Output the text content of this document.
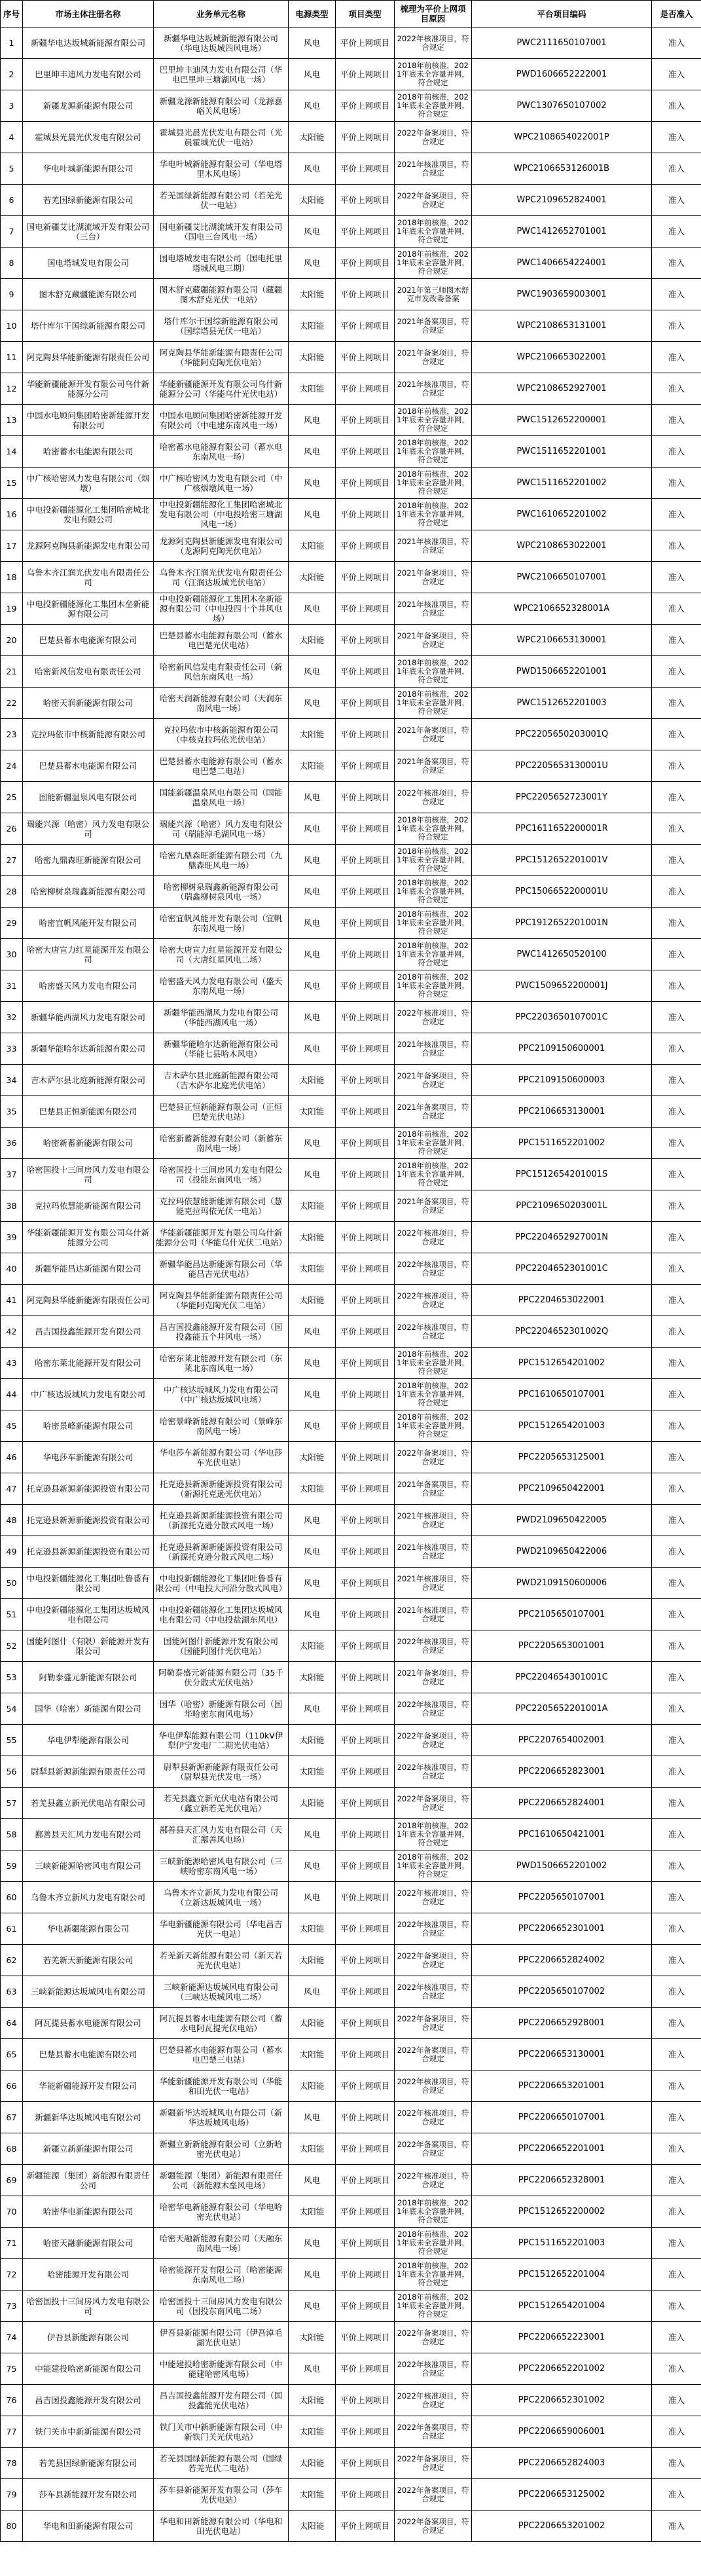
序号	市场主体注册名称	业务单元名称	电源类型	项目类型	梳理为平价上网项目原因	平台项目编码	是否准入
1	新疆华电达坂城新能源有限公司	新疆华电达坂城新能源有限公司（华电达坂城四风电场）	风电	平价上网项目	2022年核准项目，符合规定	PWC2111650107001	准入
2	巴里坤丰迪风力发电有限公司	巴里坤丰迪风力发电有限公司（华电巴里坤三塘湖风电一场）	风电	平价上网项目	2018年前核准，2021年底未全容量并网，符合规定	PWD1606652222001	准入
3	新疆龙源新能源有限公司	新疆龙源新能源有限公司（龙源嘉峪关风电场）	风电	平价上网项目	2018年前核准，2021年底未全容量并网，符合规定	PWC1307650107002	准入
4	霍城县光晨光伏发电有限公司	霍城县光晨光伏发电有限公司（光晨霍城光伏一电站）	太阳能	平价上网项目	2022年备案项目，符合规定	WPC2108654022001P	准入
5	华电叶城新能源有限公司	华电叶城新能源有限公司（华电塔里木风电场）	风电	平价上网项目	2021年核准项目，符合规定	WPC2106653126001B	准入
6	若羌国绿新能源有限公司	若羌国绿新能源有限公司（若羌光伏一电站）	太阳能	平价上网项目	2022年备案项目，符合规定	WPC2109652824001	准入
7	国电新疆艾比湖流域开发有限公司（三台）	国电新疆艾比湖流域开发有限公司（国电三台风电一场）	风电	平价上网项目	2018年前核准，2021年底未全容量并网，符合规定	PWC1412652701001	准入
8	国电塔城发电有限公司	国电塔城发电有限公司（国电托里塔城风电三期）	风电	平价上网项目	2018年前核准，2021年底未全容量并网，符合规定	PWC1406654224001	准入
9	图木舒克藏疆能源有限公司	图木舒克藏疆能源有限公司（藏疆图木舒克光伏一电站）	太阳能	平价上网项目	2021年第三师图木舒克市发改委备案	PWC1903659003001	准入
10	塔什库尔干国综新能源有限公司	塔什库尔干国综新能源有限公司（国综塔县光伏一电站）	太阳能	平价上网项目	2021年备案项目，符合规定	WPC2108653131001	准入
11	阿克陶县华能新能源有限责任公司	阿克陶县华能新能源有限责任公司（华能阿克陶光伏电站）	太阳能	平价上网项目	2021年备案项目，符合规定	WPC2106653022001	准入
12	华能新疆能源开发有限公司乌什新能源分公司	华能新疆能源开发有限公司乌什新能源分公司（华能乌什光伏电站）	太阳能	平价上网项目	2021年核准项目，符合规定	WPC2108652927001	准入
13	中国水电顾问集团哈密新能源开发有限公司	中国水电顾问集团哈密新能源开发有限公司（中电建东南风电一场）	风电	平价上网项目	2018年前核准，2021年底未全容量并网，符合规定	PWC1512652200001	准入
14	哈密蓄水电能源有限公司	哈密蓄水电能源有限公司（蓄水电东南风电一场）	风电	平价上网项目	2018年前核准，2021年底未全容量并网，符合规定	PWC1511652201001	准入
15	中广核哈密风力发电有限公司（烟墩）	中广核哈密风力发电有限公司（中广核烟墩风电一场）	风电	平价上网项目	2018年前核准，2021年底未全容量并网，符合规定	PWC1511652201002	准入
16	中电投新疆能源化工集团哈密城北发电有限公司	中电投新疆能源化工集团哈密城北发电有限公司（中电投哈密三塘湖风电一场）	风电	平价上网项目	2018年前核准，2021年底未全容量并网，符合规定	PWC1610652201002	准入
17	龙源阿克陶县新能源发电有限公司	龙源阿克陶县新能源发电有限公司（龙源阿克陶光伏电站）	太阳能	平价上网项目	2021年核准项目，符合规定	WPC2108653022001	准入
18	乌鲁木齐江润光伏发电有限责任公司	乌鲁木齐江润光伏发电有限责任公司（江润达坂城光伏电站）	太阳能	平价上网项目	2021年备案项目，符合规定	PWC2106650107001	准入
19	中电投新疆能源化工集团木垒新能源有限公司	中电投新疆能源化工集团木垒新能源有限公司（中电投四十个井风电场）	风电	平价上网项目	2021年核准项目，符合规定	WPC2106652328001A	准入
20	巴楚县蓄水电能源有限公司	巴楚县蓄水电能源有限公司（蓄水电巴楚光伏电站）	太阳能	平价上网项目	2021年备案项目，符合规定	WPC2106653130001	准入
21	哈密新风信发电有限责任公司	哈密新风信发电有限责任公司（新风信东南风电一场）	风电	平价上网项目	2018年前核准，2021年底未全容量并网，符合规定	PWD1506652201001	准入
22	哈密天润新能源有限公司	哈密天润新能源有限公司（天润东南风电一场）	风电	平价上网项目	2018年前核准，2021年底未全容量并网，符合规定	PWC1512652201003	准入
23	克拉玛依市中核新能源有限公司	克拉玛依市中核新能源有限公司（中核克拉玛依光伏电站）	太阳能	平价上网项目	2021年备案项目，符合规定	PPC2205650203001Q	准入
24	巴楚县蓄水电能源有限公司	巴楚县蓄水电能源有限公司（蓄水电巴楚二电站）	太阳能	平价上网项目	2021年备案项目，符合规定	PPC2205653130001U	准入
25	国能新疆温泉风电有限公司	国能新疆温泉风电有限公司（国能温泉风电一场）	风电	平价上网项目	2022年核准项目，符合规定	PPC2205652723001Y	准入
26	瑞能兴源（哈密）风力发电有限公司	瑞能兴源（哈密）风力发电有限公司（瑞能淖毛湖风电一场）	风电	平价上网项目	2018年前核准，2021年底未全容量并网，符合规定	PPC1611652200001R	准入
27	哈密九鼎森旺新能源有限公司	哈密九鼎森旺新能源有限公司（九鼎森旺风电一场）	风电	平价上网项目	2018年前核准，2021年底未全容量并网，符合规定	PPC1512652201001V	准入
28	哈密柳树泉瑞鑫新能源有限公司	哈密柳树泉瑞鑫新能源有限公司（瑞鑫柳树泉风电一场）	风电	平价上网项目	2018年前核准，2021年底未全容量并网，符合规定	PPC1506652200001U	准入
29	哈密宜帆风能开发有限公司	哈密宜帆风能开发有限公司（宜帆东南风电一场）	风电	平价上网项目	2018年前核准，2021年底未全容量并网，符合规定	PPC1912652201001N	准入
30	哈密大唐宣力红星能源开发有限公司	哈密大唐宣力红星能源开发有限公司（大唐红星风电二场）	风电	平价上网项目	2018年前核准，2021年底未全容量并网，符合规定	PWC1412650520100	准入
31	哈密盛天风力发电有限公司	哈密盛天风力发电有限公司（盛天东南风电一场）	风电	平价上网项目	2018年前核准，2021年底未全容量并网，符合规定	PWC1509652200001J	准入
32	新疆华能西湖风力发电有限公司	新疆华能西湖风力发电有限公司（华能西湖风电一场）	风电	平价上网项目	2022年核准项目，符合规定	PPC2203650107001C	准入
33	新疆华能哈尔达新能源有限公司	新疆华能哈尔达新能源有限公司（华能七县哈木风电）	风电	平价上网项目	2021年核准项目，符合规定	PPC2109150600001	准入
34	吉木萨尔县北庭新能源有限公司	吉木萨尔县北庭新能源有限公司（吉木萨尔北庭光伏电站）	太阳能	平价上网项目	2021年备案项目，符合规定	PPC2109150600003	准入
35	巴楚县正恒新能源有限公司	巴楚县正恒新能源有限公司（正恒巴楚光伏电站）	太阳能	平价上网项目	2021年备案项目，符合规定	PPC2106653130001	准入
36	哈密新蓄新能源有限公司	哈密新蓄新能源有限公司（新蓄东南风电一场）	风电	平价上网项目	2018年前核准，2021年底未全容量并网，符合规定	PPC1511652201002	准入
37	哈密国投十三间房风力发电有限公司	哈密国投十三间房风力发电有限公司（投能东南风电一场）	风电	平价上网项目	2018年前核准，2021年底未全容量并网，符合规定	PPC1512654201001S	准入
38	克拉玛依慧能新能源有限公司	克拉玛依慧能新能源有限公司（慧能克拉玛依光伏一电站）	太阳能	平价上网项目	2021年备案项目，符合规定	PPC2109650203001L	准入
39	华能新疆能源开发有限公司乌什新能源分公司	华能新疆能源开发有限公司乌什新能源分公司（华能乌什光伏二电站）	太阳能	平价上网项目	2022年核准项目，符合规定	PPC2204652927001N	准入
40	新疆华能昌达新能源有限公司	新疆华能昌达新能源有限公司（华能昌吉光伏电站）	太阳能	平价上网项目	2022年核准项目，符合规定	PPC2204652301001C	准入
41	阿克陶县华能新能源有限责任公司	阿克陶县华能新能源有限责任公司（华能阿克陶光伏二电站）	太阳能	平价上网项目	2022年核准项目，符合规定	PPC2204653022001	准入
42	昌吉国投鑫能源开发有限公司	昌吉国投鑫能源开发有限公司（国投鑫能五个井风电一场）	风电	平价上网项目	2022年核准项目，符合规定	PPC2204652301002Q	准入
43	哈密东莱北能源开发有限公司	哈密东莱北能源开发有限公司（东莱北东南风电一场）	风电	平价上网项目	2018年前核准，2021年底未全容量并网，符合规定	PPC1512654201002	准入
44	中广核达坂城风力发电有限公司	中广核达坂城风力发电有限公司（中广核达坂城风电场）	风电	平价上网项目	2018年前核准，2021年底未全容量并网，符合规定	PPC1610650107001	准入
45	哈密景峰新能源有限公司	哈密景峰新能源有限公司（景峰东南风电一场）	风电	平价上网项目	2018年前核准，2021年底未全容量并网，符合规定	PPC1512654201003	准入
46	华电莎车新能源有限公司	华电莎车新能源有限公司（华电莎车光伏电站）	太阳能	平价上网项目	2022年备案项目，符合规定	PPC2205653125001	准入
47	托克逊县新源新能源投资有限公司	托克逊县新源新能源投资有限公司（新源托克逊光伏电站）	太阳能	平价上网项目	2021年备案项目，符合规定	PPC2109650422001	准入
48	托克逊县新源新能源投资有限公司	托克逊县新源新能源投资有限公司（新源托克逊分散式风电一场）	风电	平价上网项目	2021年核准项目，符合规定	PWD2109650422005	准入
49	托克逊县新源新能源投资有限公司	托克逊县新源新能源投资有限公司（新源托克逊分散式风电二场）	风电	平价上网项目	2021年核准项目，符合规定	PWD2109650422006	准入
50	中电投新疆能源化工集团吐鲁番有限公司	中电投新疆能源化工集团吐鲁番有限公司（中电投大河沿分散式风电）	风电	平价上网项目	2021年核准项目，符合规定	PWD2109150600006	准入
51	中电投新疆能源化工集团达坂城风电有限公司	中电投新疆能源化工集团达坂城风电有限公司（中电投盐湖东风电）	风电	平价上网项目	2021年核准项目，符合规定	PPC2105650107001	准入
52	国能阿图什（有限）新能源开发有限公司	国能阿图什新能源开发有限公司（国能阿图什光伏电站）	太阳能	平价上网项目	2022年核准项目，符合规定	PPC2205653001001	准入
53	阿勒泰盛元新能源有限公司	阿勒泰盛元新能源有限公司（35千伏分散式光伏电站）	太阳能	平价上网项目	2021年备案项目，符合规定	PPC2204654301001C	准入
54	国华（哈密）新能源有限公司	国华（哈密）新能源有限公司（国华哈密东南风电场）	风电	平价上网项目	2022年核准项目，符合规定	PPC2205652201001A	准入
55	华电伊犁能源有限公司	华电伊犁能源有限公司（110kV伊犁伊宁发电厂二期光伏电站）	太阳能	平价上网项目	2022年备案项目，符合规定	PPC2207654002001	准入
56	尉犁县新源新能源有限责任公司	尉犁县新源新能源有限责任公司（尉犁县光伏发电一场）	太阳能	平价上网项目	2022年核准项目，符合规定	PPC2206652823001	准入
57	若羌县鑫立新光伏电站有限公司	若羌县鑫立新光伏电站有限公司（鑫立新若羌光伏电站）	太阳能	平价上网项目	2022年备案项目，符合规定	PPC2206652824001	准入
58	鄯善县天汇风力发电有限公司	鄯善县天汇风力发电有限公司（天汇鄯善风电场）	风电	平价上网项目	2018年前核准，2021年底未全容量并网，符合规定	PPC1610650421001	准入
59	三峡新能源哈密风电有限公司	三峡新能源哈密风电有限公司（三峡哈密东南风电一场）	风电	平价上网项目	2018年前核准，2021年底未全容量并网，符合规定	PWD1506652201002	准入
60	乌鲁木齐立新风力发电有限公司	乌鲁木齐立新风力发电有限公司（立新达坂城风电一场）	风电	平价上网项目	2022年核准项目，符合规定	PPC2205650107001	准入
61	华电新疆能源有限公司	华电新疆能源有限公司（华电昌吉光伏一电站）	太阳能	平价上网项目	2022年核准项目，符合规定	PPC2206652301001	准入
62	若羌新天新能源有限公司	若羌新天新能源有限公司（新天若羌光伏电站）	太阳能	平价上网项目	2022年备案项目，符合规定	PPC2206652824002	准入
63	三峡新能源达坂城风电有限公司	三峡新能源达坂城风电有限公司（三峡达坂城风电二场）	风电	平价上网项目	2022年核准项目，符合规定	PPC2205650107002	准入
64	阿瓦提县蓄水电能源有限公司	阿瓦提县蓄水电能源有限公司（蓄水电阿瓦提光伏电站）	太阳能	平价上网项目	2022年备案项目，符合规定	PPC2206652928001	准入
65	巴楚县蓄水电能源有限公司	巴楚县蓄水电能源有限公司（蓄水电巴楚三电站）	太阳能	平价上网项目	2022年备案项目，符合规定	PPC2206653130001	准入
66	华能新疆能源开发有限公司	华能新疆能源开发有限公司（华能和田光伏一电站）	太阳能	平价上网项目	2022年核准项目，符合规定	PPC2206653201001	准入
67	新疆新华达坂城风电有限公司	新疆新华达坂城风电有限公司（新华达坂城风电场）	风电	平价上网项目	2022年核准项目，符合规定	PPC2206650107001	准入
68	新疆立新新能源有限公司	新疆立新新能源有限公司（立新哈密光伏电站）	太阳能	平价上网项目	2022年备案项目，符合规定	PPC2206652201001	准入
69	新疆能源（集团）新能源有限责任公司	新疆能源（集团）新能源有限责任公司（新能源木垒风电场）	风电	平价上网项目	2022年核准项目，符合规定	PPC2206652328001	准入
70	哈密华电新能源有限公司	哈密华电新能源有限公司（华电哈密光伏电站）	太阳能	平价上网项目	2018年前核准，2021年底未全容量并网，符合规定	PPC1512652200002	准入
71	哈密天融新能源有限公司	哈密天融新能源有限公司（天融东南风电一场）	风电	平价上网项目	2018年前核准，2021年底未全容量并网，符合规定	PPC1511652201003	准入
72	哈密能源开发有限公司	哈密能源开发有限公司（哈密能源东南风电二场）	风电	平价上网项目	2018年前核准，2021年底未全容量并网，符合规定	PPC1512652201004	准入
73	哈密国投十三间房风力发电有限公司	哈密国投十三间房风力发电有限公司（国投东南风电二场）	风电	平价上网项目	2018年前核准，2021年底未全容量并网，符合规定	PPC1512654201004	准入
74	伊吾县新能源有限公司	伊吾县新能源有限公司（伊吾淖毛湖光伏电站）	太阳能	平价上网项目	2022年备案项目，符合规定	PPC2206652223001	准入
75	中能建投哈密新能源有限公司	中能建投哈密新能源有限公司（中能建哈密风电场）	风电	平价上网项目	2022年核准项目，符合规定	PPC2206652201002	准入
76	昌吉国投鑫能源开发有限公司	昌吉国投鑫能源开发有限公司（国投鑫能光伏电站）	太阳能	平价上网项目	2022年核准项目，符合规定	PPC2206652301002	准入
77	铁门关市中新新能源有限公司	铁门关市中新新能源有限公司（中新铁门关光伏电站）	太阳能	平价上网项目	2022年备案项目，符合规定	PPC2206659006001	准入
78	若羌县国绿新能源有限公司	若羌县国绿新能源有限公司（国绿若羌光伏二电站）	太阳能	平价上网项目	2022年备案项目，符合规定	PPC2206652824003	准入
79	莎车县新能源开发有限公司	莎车县新能源开发有限公司（莎车光伏电站）	太阳能	平价上网项目	2022年备案项目，符合规定	PPC2206653125002	准入
80	华电和田新能源有限公司	华电和田新能源有限公司（华电和田光伏电站）	太阳能	平价上网项目	2022年备案项目，符合规定	PPC2206653201002	准入
